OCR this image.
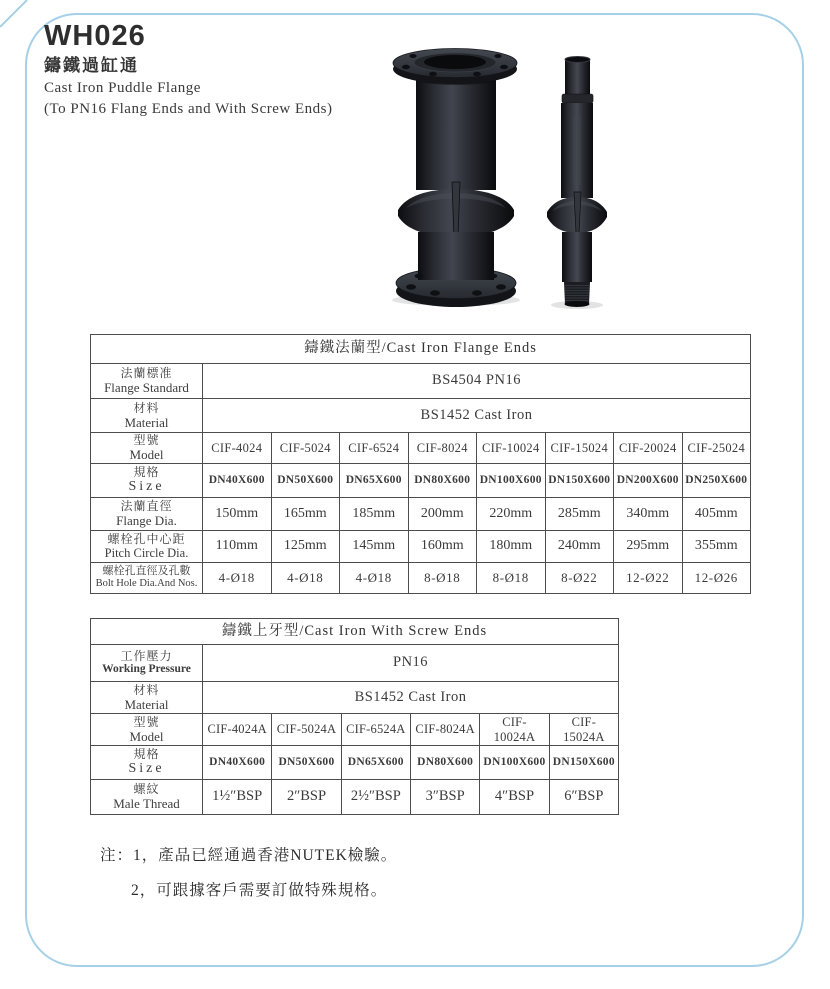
WH026
鑄鐵過缸通
Cast Iron Puddle Flange
(To PN16 Flang Ends and With Screw Ends)
鑄鐵法蘭型/Cast Iron Flange Ends								

法蘭標准
Flange Standard	BS4504 PN16							

材料
Material	BS1452 Cast Iron							

型號
Model	CIF-4024	CIF-5024	CIF-6524	CIF-8024	CIF-10024	CIF-15024	CIF-20024	CIF-25024

規格
Size	DN40X600	DN50X600	DN65X600	DN80X600	DN100X600	DN150X600	DN200X600	DN250X600

法蘭直徑
Flange Dia.	150mm	165mm	185mm	200mm	220mm	285mm	340mm	405mm

螺栓孔中心距
Pitch Circle Dia.	110mm	125mm	145mm	160mm	180mm	240mm	295mm	355mm

螺栓孔直徑及孔數
Bolt Hole Dia.And Nos.	4-Ø18	4-Ø18	4-Ø18	8-Ø18	8-Ø18	8-Ø22	12-Ø22	12-Ø26
鑄鐵上牙型/Cast Iron With Screw Ends						

工作壓力
Working Pressure	PN16					

材料
Material	BS1452 Cast Iron					

型號
Model	CIF-4024A	CIF-5024A	CIF-6524A	CIF-8024A	CIF-10024A	CIF-15024A

規格
Size	DN40X600	DN50X600	DN65X600	DN80X600	DN100X600	DN150X600

螺紋
Male Thread	1½″BSP	2″BSP	2½″BSP	3″BSP	4″BSP	6″BSP
注：1，產品已經通過香港NUTEK檢驗。
2，可跟據客戶需要訂做特殊規格。
